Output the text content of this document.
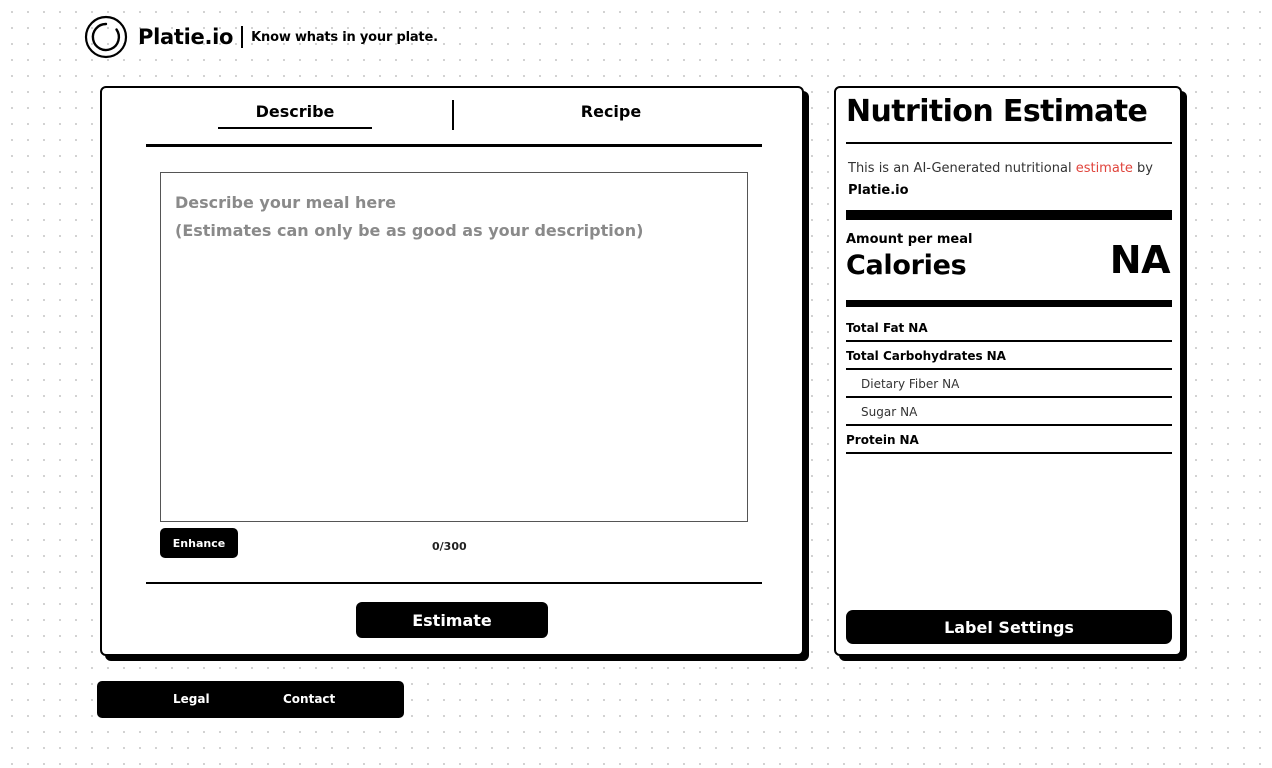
Platie.io Know whats in your plate.
Describe	Recipe
Describe your meal here (Estimates can only be as good as your description)
Enhance	0/300
Estimate
Nutrition Estimate
This is an AI-Generated nutritional estimate by
Platie.io
Amount per meal
Calories	NA
Total Fat NA
Total Carbohydrates NA
Dietary Fiber NA
Sugar NA
Protein NA
Label Settings
Legal	Contact
